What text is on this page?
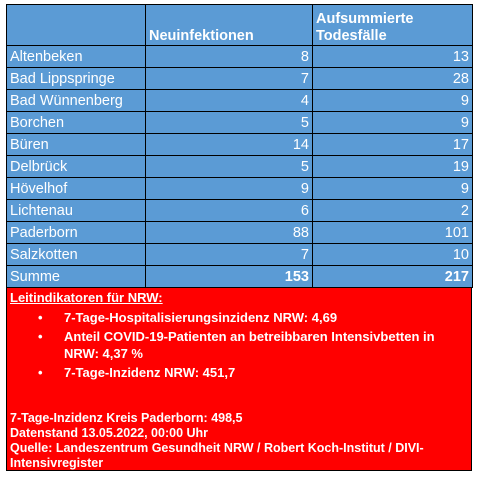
	Neuinfektionen	Aufsummierte
Todesfälle
Altenbeken	8	13
Bad Lippspringe	7	28
Bad Wünnenberg	4	9
Borchen	5	9
Büren	14	17
Delbrück	5	19
Hövelhof	9	9
Lichtenau	6	2
Paderborn	88	101
Salzkotten	7	10
Summe	153	217
Leitindikatoren für NRW:
• 7-Tage-Hospitalisierungsinzidenz NRW: 4,69
• Anteil COVID-19-Patienten an betreibbaren Intensivbetten in NRW: 4,37 %
• 7-Tage-Inzidenz NRW: 451,7
7-Tage-Inzidenz Kreis Paderborn: 498,5
Datenstand 13.05.2022, 00:00 Uhr
Quelle: Landeszentrum Gesundheit NRW / Robert Koch-Institut / DIVI-
Intensivregister
